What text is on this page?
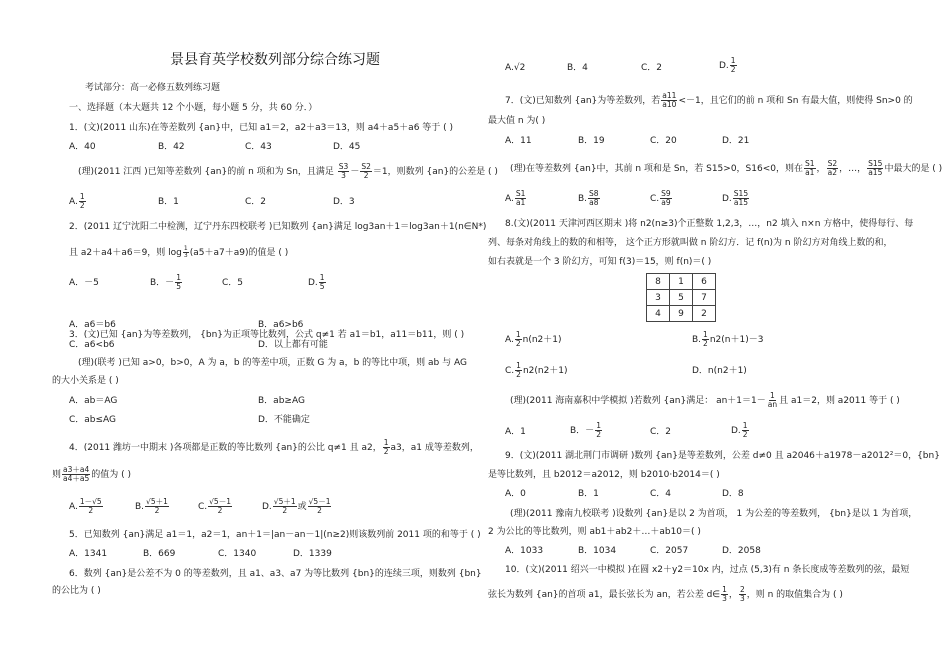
景县育英学校数列部分综合练习题
考试部分：高一必修五数列练习题
一、选择题（本大题共 12 个小题，每小题 5 分，共 60 分．）
1．(文)(2011 山东)在等差数列 {an}中，已知 a1＝2，a2＋a3＝13，则 a4＋a5＋a6 等于 ( )
A．40	B．42	C．43	D．45
(理)(2011 江西 )已知等差数列 {an}的前 n 项和为 Sn，且满足 $\frac{S3}{3} - \frac{S2}{2} =1$，则数列 {an}的公差是 ( )
A. $\frac{1}{2}$	B．1	C．2	D．3
2．(2011 辽宁沈阳二中检测，辽宁丹东四校联考 )已知数列 {an}满足 log3an＋1＝log3an＋1(n∈N*)
且 a2＋a4＋a6＝9，则 $\log \frac{1}{3} (a5+a7+a9)$的值是 ( )
A．－5	B．－ $\frac{1}{5}$	C．5	D. $\frac{1}{5}$
3．(文)已知 {an}为等差数列， {bn}为正项等比数列，公式 q≠1 若 a1＝b1，a11＝b11，则 ( )
A．a6＝b6	B．a6>b6
C．a6<b6	D．以上都有可能
(理)(联考 )已知 a>0，b>0，A 为 a，b 的等差中项，正数 G 为 a，b 的等比中项，则 ab 与 AG
的大小关系是 ( )
A．ab＝AG	B．ab≥AG
C．ab≤AG	D．不能确定
4．(2011 潍坊一中期末 )各项都是正数的等比数列 {an}的公比 q≠1 且 a2， $\frac{1}{2} a3$，a1 成等差数列，
则 $\frac{a3+a4}{a4+a5}$ 的值为 ( )
A. $\frac{1-√5}{2}$	B. $\frac{√5+1}{2}$	C. $\frac{√5-1}{2}$	D. $\frac{√5+1}{2}$ 或 $\frac{√5-1}{2}$
5．已知数列 {an}满足 a1＝1，a2＝1，an＋1＝|an－an－1|(n≥2)则该数列前 2011 项的和等于 ( )
A．1341	B．669	C．1340	D．1339
6．数列 {an}是公差不为 0 的等差数列，且 a1、a3、a7 为等比数列 {bn}的连续三项，则数列 {bn}
的公比为 ( )
A.√2	B．4	C．2	D. $\frac{1}{2}$
7．(文)已知数列 {an}为等差数列，若 $\frac{a11}{a10} <-1$，且它们的前 n 项和 Sn 有最大值，则使得 Sn>0 的
最大值 n 为( )
A．11	B．19	C．20	D．21
(理)在等差数列 {an}中，其前 n 项和是 Sn，若 S15>0，S16<0，则在 $\frac{S1}{a1}$ ， $\frac{S2}{a2}$ ，…， $\frac{S15}{a15}$ 中最大的是 ( )
A. $\frac{S1}{a1}$	B. $\frac{S8}{a8}$	C. $\frac{S9}{a9}$	D. $\frac{S15}{a15}$
8.(文)(2011 天津河西区期末 )将 n2(n≥3)个正整数 1,2,3，…，n2 填入 n×n 方格中，使得每行、每
列、每条对角线上的数的和相等， 这个正方形就叫做 n 阶幻方．记 f(n)为 n 阶幻方对角线上数的和，
如右表就是一个 3 阶幻方，可知 f(3)＝15，则 f(n)＝( )
8	1	6
3	5	7
4	9	2
A. $\frac{1}{2} n(n2+1)$	B. $\frac{1}{2} n2(n+1)-3$
C. $\frac{1}{2} n2(n2+1)$	D．n(n2＋1)
(理)(2011 海南嘉积中学模拟 )若数列 {an}满足： $an+1=1- \frac{1}{an}$ 且 a1＝2，则 a2011 等于 ( )
A．1	B．－ $\frac{1}{2}$	C．2	D. $\frac{1}{2}$
9．(文)(2011 湖北荆门市调研 )数列 {an}是等差数列，公差 d≠0 且 a2046＋a1978－a2012²＝0，{bn}
是等比数列，且 b2012＝a2012，则 b2010·b2014＝( )
A．0	B．1	C．4	D．8
(理)(2011 豫南九校联考 )设数列 {an}是以 2 为首项， 1 为公差的等差数列， {bn}是以 1 为首项，
2 为公比的等比数列，则 ab1＋ab2＋…＋ab10＝( )
A．1033	B．1034	C．2057	D．2058
10．(文)(2011 绍兴一中模拟 )在圆 x2＋y2＝10x 内，过点 (5,3)有 n 条长度成等差数列的弦，最短
弦长为数列 {an}的首项 a1，最长弦长为 an，若公差 d∈ $\frac{1}{3}$ ， $\frac{2}{3}$ ，则 n 的取值集合为 ( )
